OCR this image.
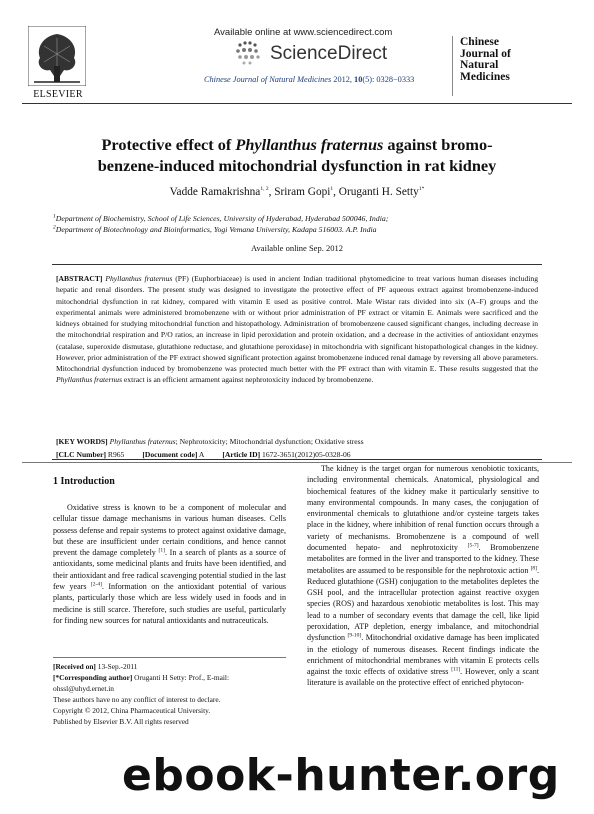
ELSEVIER
Available online at www.sciencedirect.com
ScienceDirect
Chinese Journal of Natural Medicines 2012, 10(5): 0328−0333
Chinese
Journal of
Natural
Medicines
Protective effect of Phyllanthus fraternus against bromo-
benzene-induced mitochondrial dysfunction in rat kidney
Vadde Ramakrishna$^{1, 2}$, Sriram Gopi$^1$, Oruganti H. Setty$^{1*}$
$^1$Department of Biochemistry, School of Life Sciences, University of Hyderabad, Hyderabad 500046, India;
$^2$Department of Biotechnology and Bioinformatics, Yogi Vemana University, Kadapa 516003. A.P. India
Available online Sep. 2012
[ABSTRACT] Phyllanthus fraternus (PF) (Euphorbiaceae) is used in ancient Indian traditional phytomedicine to treat various human diseases including hepatic and renal disorders. The present study was designed to investigate the protective effect of PF aqueous extract against bromobenzene-induced mitochondrial dysfunction in rat kidney, compared with vitamin E used as positive control. Male Wistar rats divided into six (A–F) groups and the experimental animals were administered bromobenzene with or without prior administration of PF extract or vitamin E. Animals were sacrificed and the kidneys obtained for studying mitochondrial function and histopathology. Administration of bromobenzene caused significant changes, including decrease in the mitochondrial respiration and P/O ratios, an increase in lipid peroxidation and protein oxidation, and a decrease in the activities of antioxidant enzymes (catalase, superoxide dismutase, glutathione reductase, and glutathione peroxidase) in mitochondria with significant histopathological changes in the kidney. However, prior administration of the PF extract showed significant protection against bromobenzene induced renal damage by reversing all above parameters. Mitochondrial dysfunction induced by bromobenzene was protected much better with the PF extract than with vitamin E. These results suggested that the Phyllanthus fraternus extract is an efficient armament against nephrotoxicity induced by bromobenzene.
[KEY WORDS] Phyllanthus fraternus; Nephrotoxicity; Mitochondrial dysfunction; Oxidative stress
[CLC Number] R965 [Document code] A [Article ID] 1672-3651(2012)05-0328-06
1 Introduction

Oxidative stress is known to be a component of molecular and cellular tissue damage mechanisms in various human diseases. Cells possess defense and repair systems to protect against oxidative damage, but these are insufficient under certain conditions, and hence cannot prevent the damage completely [1]. In a search of plants as a source of antioxidants, some medicinal plants and fruits have been identified, and their antioxidant and free radical scavenging potential studied in the last few years [2-4]. Information on the antioxidant potential of various plants, particularly those which are less widely used in foods and in medicine is still scarce. Therefore, such studies are useful, particularly for finding new sources for natural antioxidants and nutraceuticals.

[Received on] 13-Sep.-2011
[*Corresponding author] Oruganti H Setty: Prof., E-mail: ohssl@uhyd.ernet.in
These authors have no any conflict of interest to declare.
Copyright © 2012, China Pharmaceutical University.
Published by Elsevier B.V. All rights reserved

The kidney is the target organ for numerous xenobiotic toxicants, including environmental chemicals. Anatomical, physiological and biochemical features of the kidney make it particularly sensitive to many environmental compounds. In many cases, the conjugation of environmental chemicals to glutathione and/or cysteine targets takes place in the kidney, where inhibition of renal function occurs through a variety of mechanisms. Bromobenzene is a compound of well documented hepato- and nephrotoxicity [5-7]. Bromobenzene metabolites are formed in the liver and transported to the kidney. These metabolites are assumed to be responsible for the nephrotoxic action [8]. Reduced glutathione (GSH) conjugation to the metabolites depletes the GSH pool, and the intracellular protection against reactive oxygen species (ROS) and hazardous xenobiotic metabolites is lost. This may lead to a number of secondary events that damage the cell, like lipid peroxidation, ATP depletion, energy imbalance, and mitochondrial dysfunction [9-10]. Mitochondrial oxidative damage has been implicated in the etiology of numerous diseases. Recent findings indicate the enrichment of mitochondrial membranes with vitamin E protects cells against the toxic effects of oxidative stress [11]. However, only a scant literature is available on the protective effect of enriched phytocon-

ebook-hunter.org
